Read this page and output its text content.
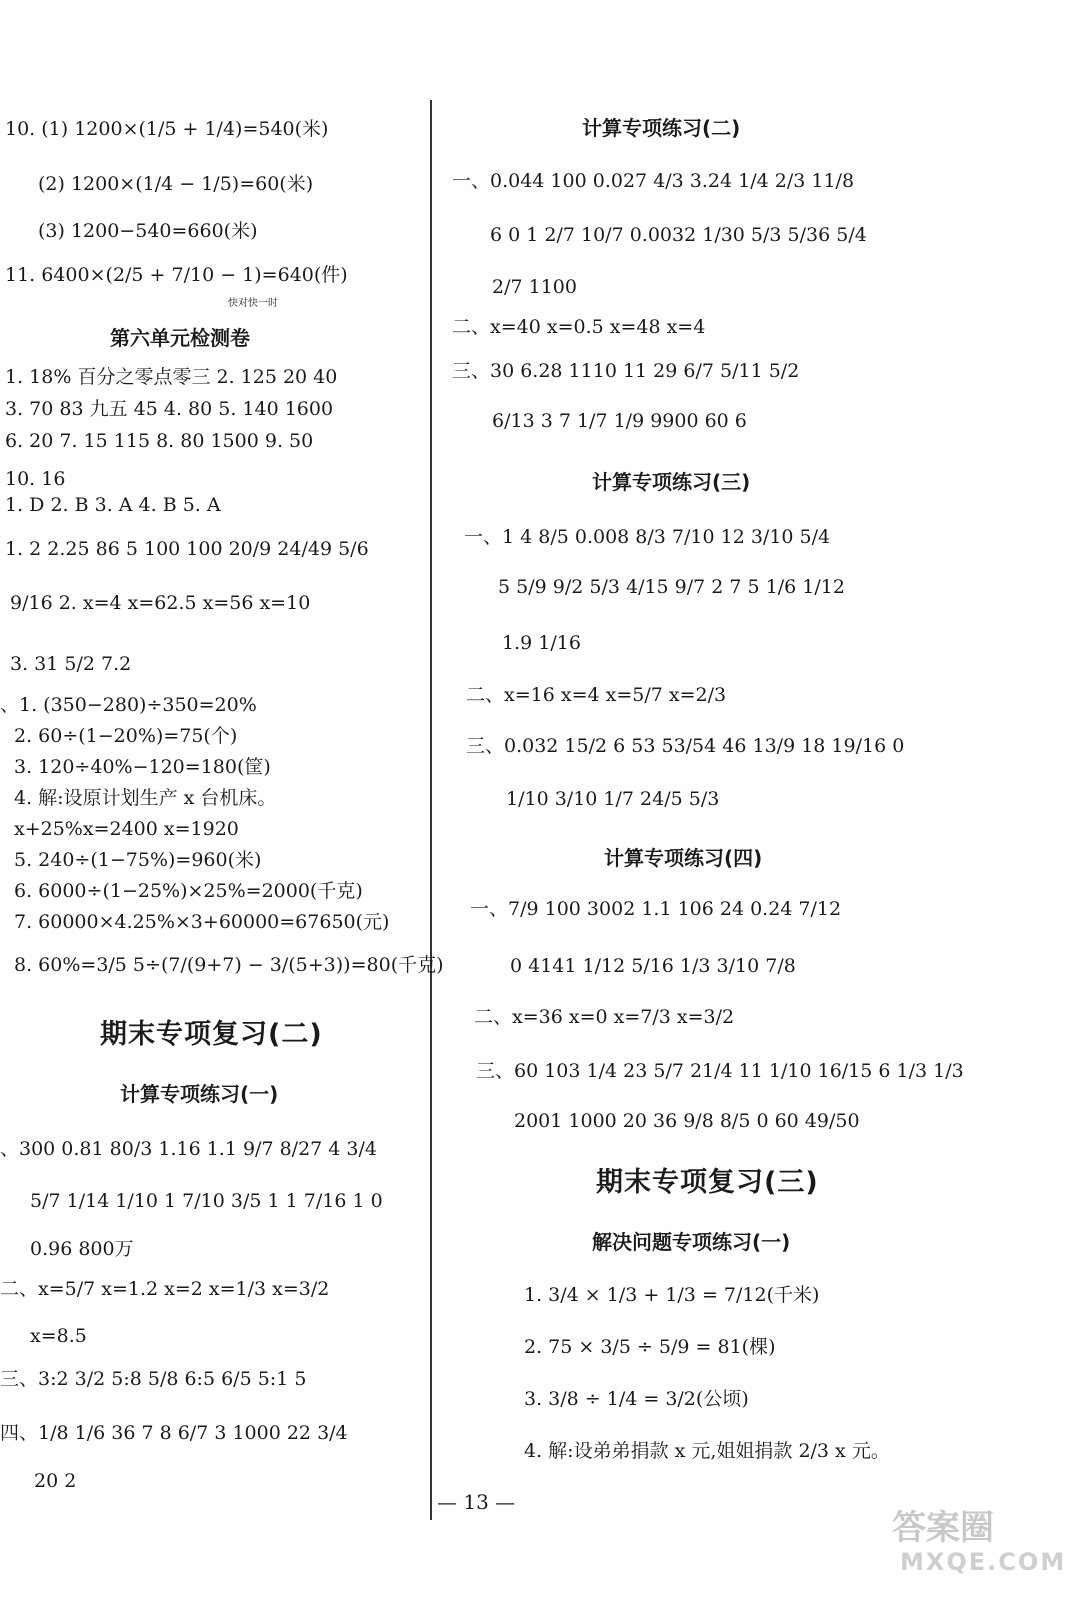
10. (1) 1200×(1/5 + 1/4)=540(米)
(2) 1200×(1/4 − 1/5)=60(米)
(3) 1200−540=660(米)
11. 6400×(2/5 + 7/10 − 1)=640(件)
快对快一时
第六单元检测卷
1. 18% 百分之零点零三 2. 125 20 40
3. 70 83 九五 45 4. 80 5. 140 1600
6. 20 7. 15 115 8. 80 1500 9. 50
10. 16
1. D 2. B 3. A 4. B 5. A
1. 2 2.25 86 5 100 100 20/9 24/49 5/6
9/16 2. x=4 x=62.5 x=56 x=10
3. 31 5/2 7.2
、1. (350−280)÷350=20%
2. 60÷(1−20%)=75(个)
3. 120÷40%−120=180(筐)
4. 解:设原计划生产 x 台机床。
x+25%x=2400 x=1920
5. 240÷(1−75%)=960(米)
6. 6000÷(1−25%)×25%=2000(千克)
7. 60000×4.25%×3+60000=67650(元)
8. 60%=3/5 5÷(7/(9+7) − 3/(5+3))=80(千克)
期末专项复习(二)
计算专项练习(一)
、300 0.81 80/3 1.16 1.1 9/7 8/27 4 3/4
5/7 1/14 1/10 1 7/10 3/5 1 1 7/16 1 0
0.96 800万
二、x=5/7 x=1.2 x=2 x=1/3 x=3/2
x=8.5
三、3:2 3/2 5:8 5/8 6:5 6/5 5:1 5
四、1/8 1/6 36 7 8 6/7 3 1000 22 3/4
20 2
计算专项练习(二)
一、0.044 100 0.027 4/3 3.24 1/4 2/3 11/8
6 0 1 2/7 10/7 0.0032 1/30 5/3 5/36 5/4
2/7 1100
二、x=40 x=0.5 x=48 x=4
三、30 6.28 1110 11 29 6/7 5/11 5/2
6/13 3 7 1/7 1/9 9900 60 6
计算专项练习(三)
一、1 4 8/5 0.008 8/3 7/10 12 3/10 5/4
5 5/9 9/2 5/3 4/15 9/7 2 7 5 1/6 1/12
1.9 1/16
二、x=16 x=4 x=5/7 x=2/3
三、0.032 15/2 6 53 53/54 46 13/9 18 19/16 0
1/10 3/10 1/7 24/5 5/3
计算专项练习(四)
一、7/9 100 3002 1.1 106 24 0.24 7/12
0 4141 1/12 5/16 1/3 3/10 7/8
二、x=36 x=0 x=7/3 x=3/2
三、60 103 1/4 23 5/7 21/4 11 1/10 16/15 6 1/3 1/3
2001 1000 20 36 9/8 8/5 0 60 49/50
期末专项复习(三)
解决问题专项练习(一)
1. 3/4 × 1/3 + 1/3 = 7/12(千米)
2. 75 × 3/5 ÷ 5/9 = 81(棵)
3. 3/8 ÷ 1/4 = 3/2(公顷)
4. 解:设弟弟捐款 x 元,姐姐捐款 2/3 x 元。
— 13 —
答案圈
MXQE.COM
